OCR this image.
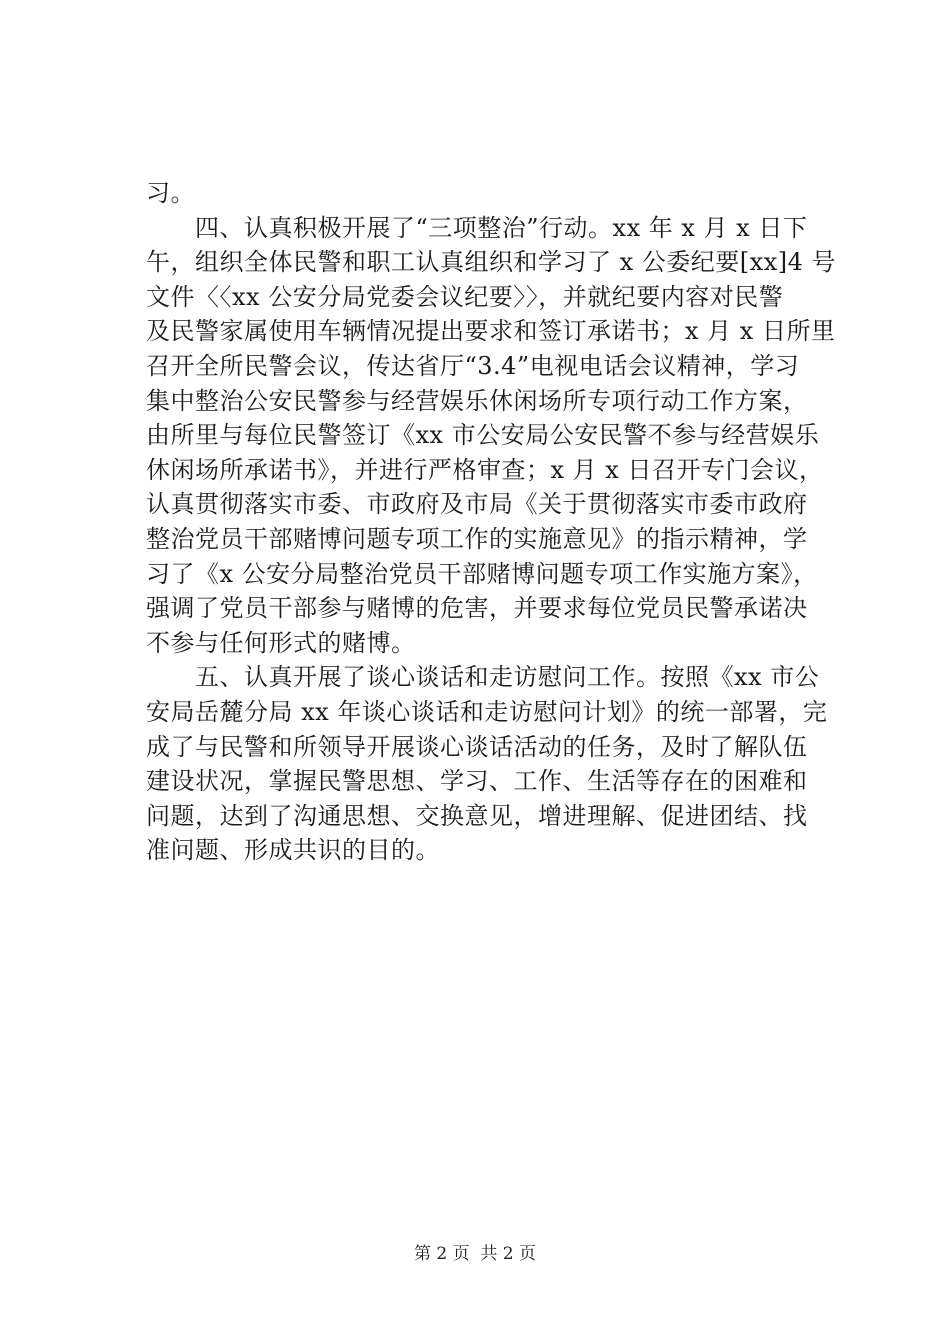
习。
　　四、认真积极开展了“三项整治”行动。xx 年 x 月 x 日下
午，组织全体民警和职工认真组织和学习了 x 公委纪要[xx]4 号
文件〈〈xx 公安分局党委会议纪要〉〉，并就纪要内容对民警
及民警家属使用车辆情况提出要求和签订承诺书；x 月 x 日所里
召开全所民警会议，传达省厅“3.4”电视电话会议精神，学习
集中整治公安民警参与经营娱乐休闲场所专项行动工作方案，
由所里与每位民警签订《xx 市公安局公安民警不参与经营娱乐
休闲场所承诺书》，并进行严格审查；x 月 x 日召开专门会议，
认真贯彻落实市委、市政府及市局《关于贯彻落实市委市政府
整治党员干部赌博问题专项工作的实施意见》的指示精神，学
习了《x 公安分局整治党员干部赌博问题专项工作实施方案》，
强调了党员干部参与赌博的危害，并要求每位党员民警承诺决
不参与任何形式的赌博。
　　五、认真开展了谈心谈话和走访慰问工作。按照《xx 市公
安局岳麓分局 xx 年谈心谈话和走访慰问计划》的统一部署，完
成了与民警和所领导开展谈心谈话活动的任务，及时了解队伍
建设状况，掌握民警思想、学习、工作、生活等存在的困难和
问题，达到了沟通思想、交换意见，增进理解、促进团结、找
准问题、形成共识的目的。
第 2 页  共 2 页
